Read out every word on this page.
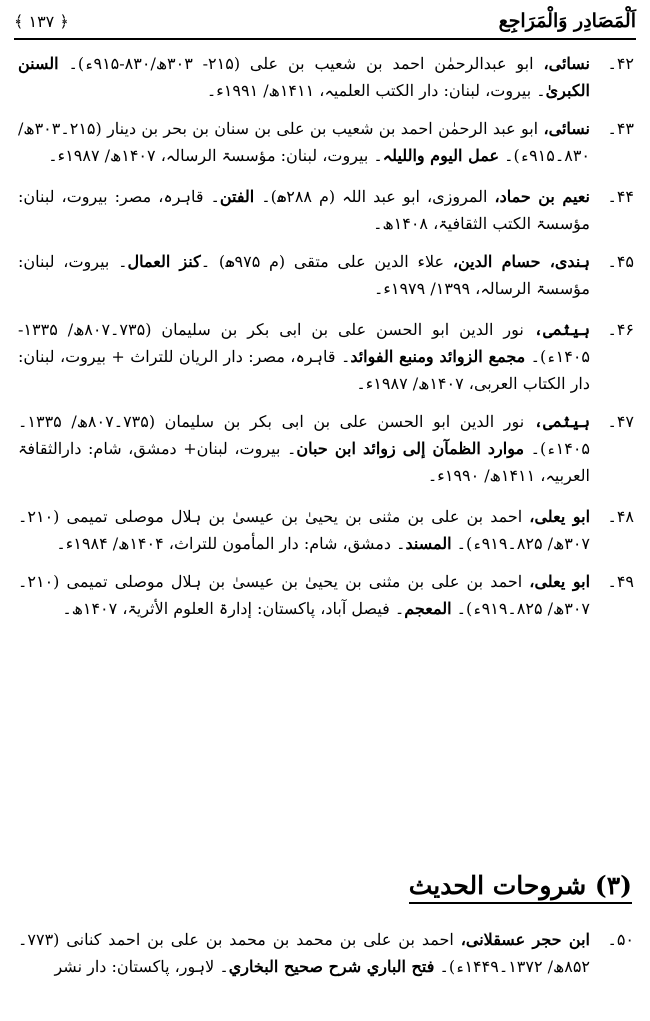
اَلْمَصَادِر وَالْمَرَاجِع
﴿ ١٣٧ ﴾
۴۲۔
نسائی، ابو عبدالرحمٰن احمد بن شعیب بن علی (۲۱۵- ۳۰۳ھ/۸۳۰-۹۱۵ء)۔ السنن الکبریٰ۔ بیروت، لبنان: دار الکتب العلمیہ، ۱۴۱۱ھ/ ۱۹۹۱ء۔
۴۳۔
نسائی، ابو عبد الرحمٰن احمد بن شعیب بن علی بن سنان بن بحر بن دینار (۲۱۵۔۳۰۳ھ/ ۸۳۰۔۹۱۵ء)۔ عمل الیوم واللیلہ۔ بیروت، لبنان: مؤسسۃ الرسالہ، ۱۴۰۷ھ/ ۱۹۸۷ء۔
۴۴۔
نعیم بن حماد، المروزی، ابو عبد اللہ (م ۲۸۸ھ)۔ الفتن۔ قاہرہ، مصر: بیروت، لبنان: مؤسسۃ الکتب الثقافیۃ، ۱۴۰۸ھ۔
۴۵۔
ہندی، حسام الدین، علاء الدین علی متقی (م ۹۷۵ھ) ۔کنز العمال۔ بیروت، لبنان: مؤسسۃ الرسالہ، ۱۳۹۹/ ۱۹۷۹ء۔
۴۶۔
ہیثمی، نور الدین ابو الحسن علی بن ابی بکر بن سلیمان (۷۳۵۔۸۰۷ھ/ ۱۳۳۵- ۱۴۰۵ء)۔ مجمع الزوائد ومنبع الفوائد۔ قاہرہ، مصر: دار الریان للتراث + بیروت، لبنان: دار الکتاب العربی، ۱۴۰۷ھ/ ۱۹۸۷ء۔
۴۷۔
ہیثمی، نور الدین ابو الحسن علی بن ابی بکر بن سلیمان (۷۳۵۔۸۰۷ھ/ ۱۳۳۵۔ ۱۴۰۵ء)۔ موارد الظمآن إلی زوائد ابن حبان۔ بیروت، لبنان+ دمشق، شام: دارالثقافۃ العربیہ، ۱۴۱۱ھ/ ۱۹۹۰ء۔
۴۸۔
ابو یعلی، احمد بن علی بن مثنی بن یحییٰ بن عیسیٰ بن ہلال موصلی تمیمی (۲۱۰۔۳۰۷ھ/ ۸۲۵۔۹۱۹ء)۔ المسند۔ دمشق، شام: دار المأمون للتراث، ۱۴۰۴ھ/ ۱۹۸۴ء۔
۴۹۔
ابو یعلی، احمد بن علی بن مثنی بن یحییٰ بن عیسیٰ بن ہلال موصلی تمیمی (۲۱۰۔۳۰۷ھ/ ۸۲۵۔۹۱۹ء)۔ المعجم۔ فیصل آباد، پاکستان: إدارۃ العلوم الأثریۃ، ۱۴۰۷ھ۔
(۳) شروحات الحدیث
۵۰۔
ابن حجر عسقلانی، احمد بن علی بن محمد بن محمد بن علی بن احمد کنانی (۷۷۳۔۸۵۲ھ/ ۱۳۷۲۔۱۴۴۹ء)۔ فتح الباري شرح صحیح البخاري۔ لاہور، پاکستان: دار نشر
